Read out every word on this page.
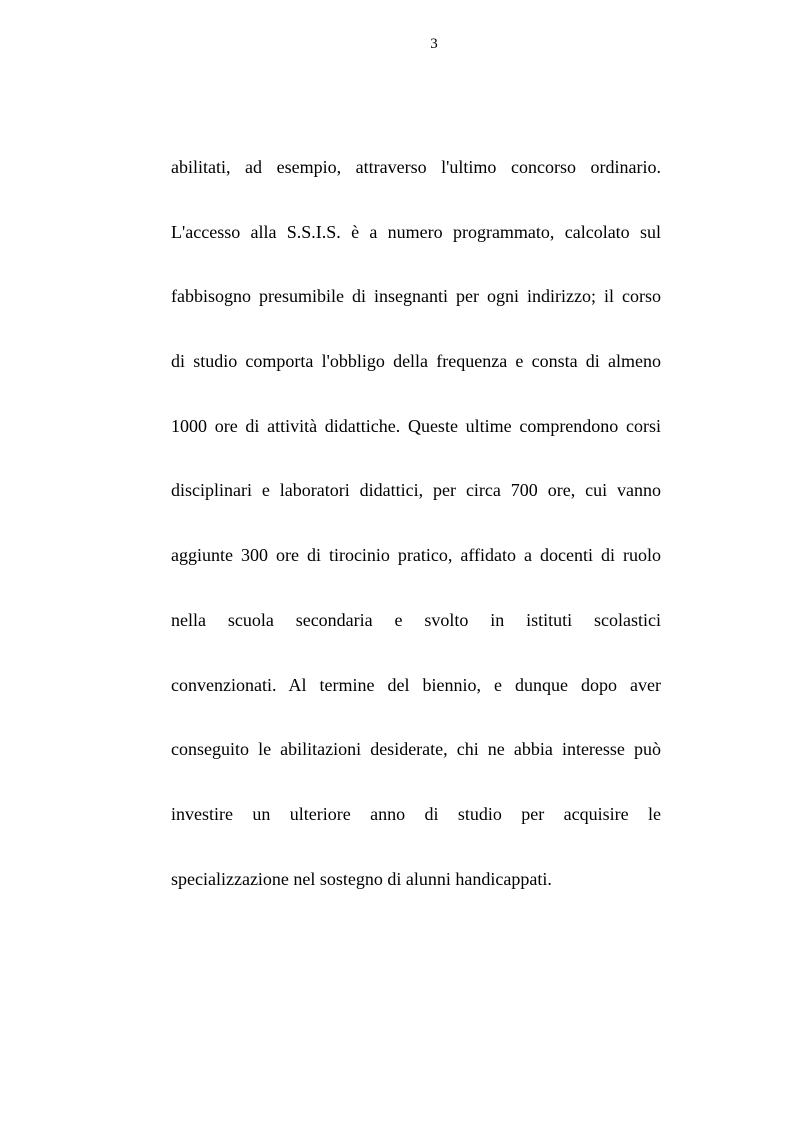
3
abilitati, ad esempio, attraverso l'ultimo concorso ordinario.
L'accesso alla S.S.I.S. è a numero programmato, calcolato sul
fabbisogno presumibile di insegnanti per ogni indirizzo; il corso
di studio comporta l'obbligo della frequenza e consta di almeno
1000 ore di attività didattiche. Queste ultime comprendono corsi
disciplinari e laboratori didattici, per circa 700 ore, cui vanno
aggiunte 300 ore di tirocinio pratico, affidato a docenti di ruolo
nella scuola secondaria e svolto in istituti scolastici
convenzionati. Al termine del biennio, e dunque dopo aver
conseguito le abilitazioni desiderate, chi ne abbia interesse può
investire un ulteriore anno di studio per acquisire le
specializzazione nel sostegno di alunni handicappati.
